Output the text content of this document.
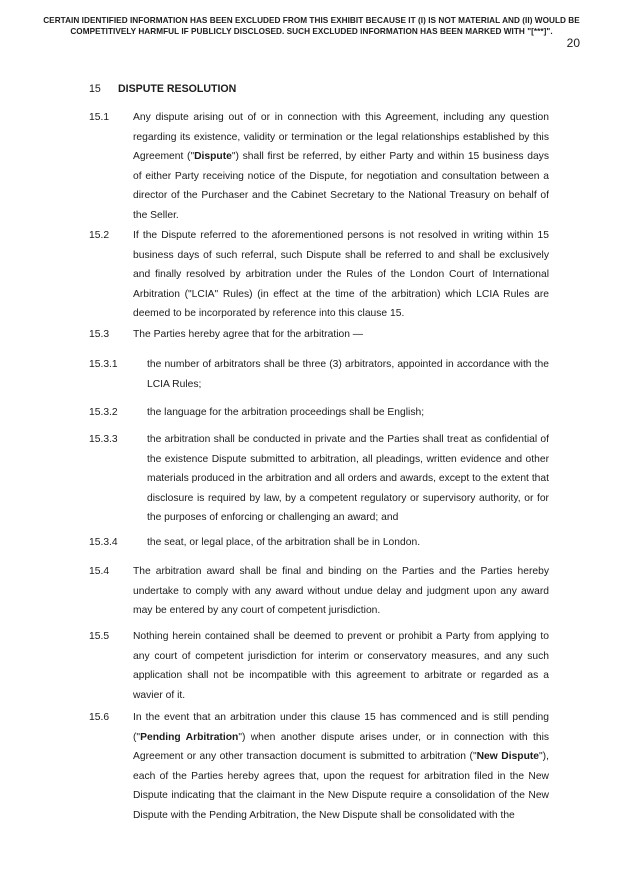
CERTAIN IDENTIFIED INFORMATION HAS BEEN EXCLUDED FROM THIS EXHIBIT BECAUSE IT (I) IS NOT MATERIAL AND (II) WOULD BE COMPETITIVELY HARMFUL IF PUBLICLY DISCLOSED. SUCH EXCLUDED INFORMATION HAS BEEN MARKED WITH "[***]".
20
15 DISPUTE RESOLUTION
15.1 Any dispute arising out of or in connection with this Agreement, including any question regarding its existence, validity or termination or the legal relationships established by this Agreement ("Dispute") shall first be referred, by either Party and within 15 business days of either Party receiving notice of the Dispute, for negotiation and consultation between a director of the Purchaser and the Cabinet Secretary to the National Treasury on behalf of the Seller.
15.2 If the Dispute referred to the aforementioned persons is not resolved in writing within 15 business days of such referral, such Dispute shall be referred to and shall be exclusively and finally resolved by arbitration under the Rules of the London Court of International Arbitration ("LCIA" Rules) (in effect at the time of the arbitration) which LCIA Rules are deemed to be incorporated by reference into this clause 15.
15.3 The Parties hereby agree that for the arbitration —
15.3.1	the number of arbitrators shall be three (3) arbitrators, appointed in accordance with the LCIA Rules;
15.3.2	the language for the arbitration proceedings shall be English;
15.3.3	the arbitration shall be conducted in private and the Parties shall treat as confidential of the existence Dispute submitted to arbitration, all pleadings, written evidence and other materials produced in the arbitration and all orders and awards, except to the extent that disclosure is required by law, by a competent regulatory or supervisory authority, or for the purposes of enforcing or challenging an award; and
15.3.4	the seat, or legal place, of the arbitration shall be in London.
15.4 The arbitration award shall be final and binding on the Parties and the Parties hereby undertake to comply with any award without undue delay and judgment upon any award may be entered by any court of competent jurisdiction.
15.5 Nothing herein contained shall be deemed to prevent or prohibit a Party from applying to any court of competent jurisdiction for interim or conservatory measures, and any such application shall not be incompatible with this agreement to arbitrate or regarded as a wavier of it.
15.6 In the event that an arbitration under this clause 15 has commenced and is still pending ("Pending Arbitration") when another dispute arises under, or in connection with this Agreement or any other transaction document is submitted to arbitration ("New Dispute"), each of the Parties hereby agrees that, upon the request for arbitration filed in the New Dispute indicating that the claimant in the New Dispute require a consolidation of the New Dispute with the Pending Arbitration, the New Dispute shall be consolidated with the
